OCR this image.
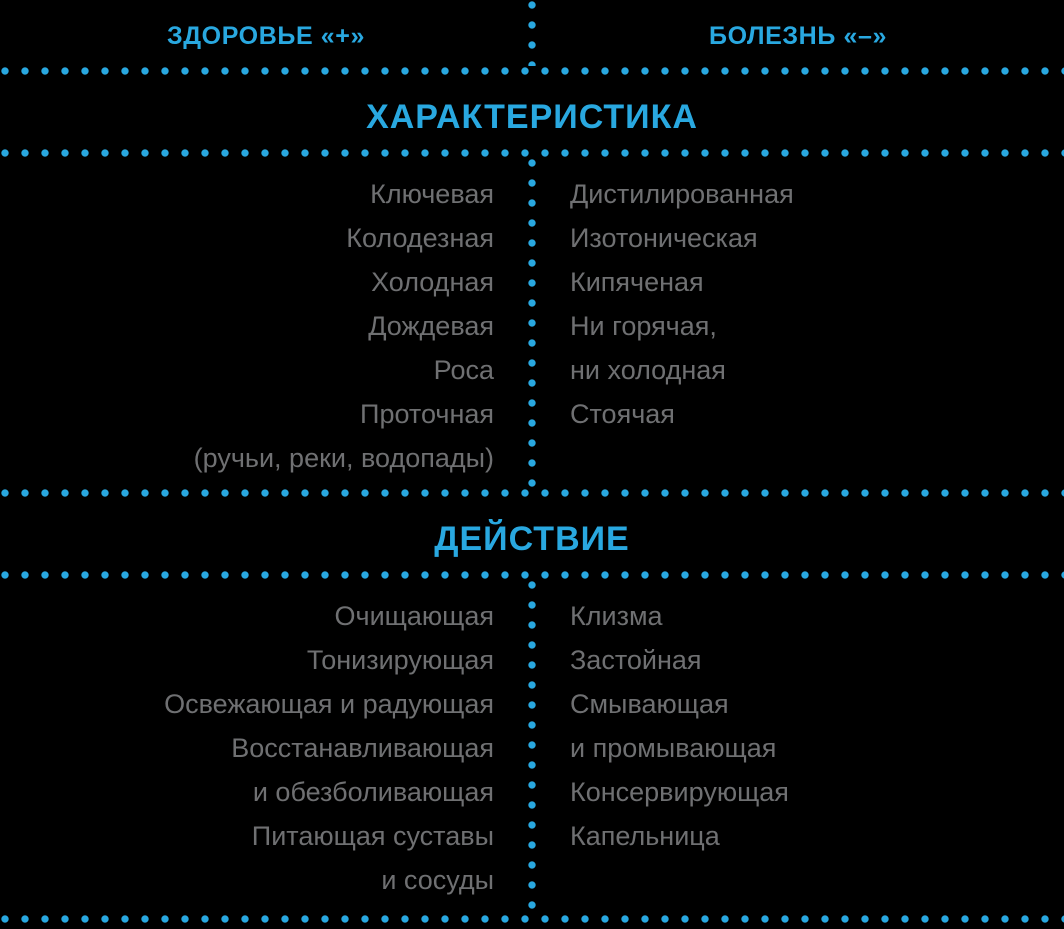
ЗДОРОВЬЕ «+»	БОЛЕЗНЬ «–»
ХАРАКТЕРИСТИКА
Ключевая
Колодезная
Холодная
Дождевая
Роса
Проточная
(ручьи, реки, водопады)
Дистилированная
Изотоническая
Кипяченая
Ни горячая,
ни холодная
Стоячая
ДЕЙСТВИЕ
Очищающая
Тонизирующая
Освежающая и радующая
Восстанавливающая
и обезболивающая
Питающая суставы
и сосуды
Клизма
Застойная
Смывающая
и промывающая
Консервирующая
Капельница
